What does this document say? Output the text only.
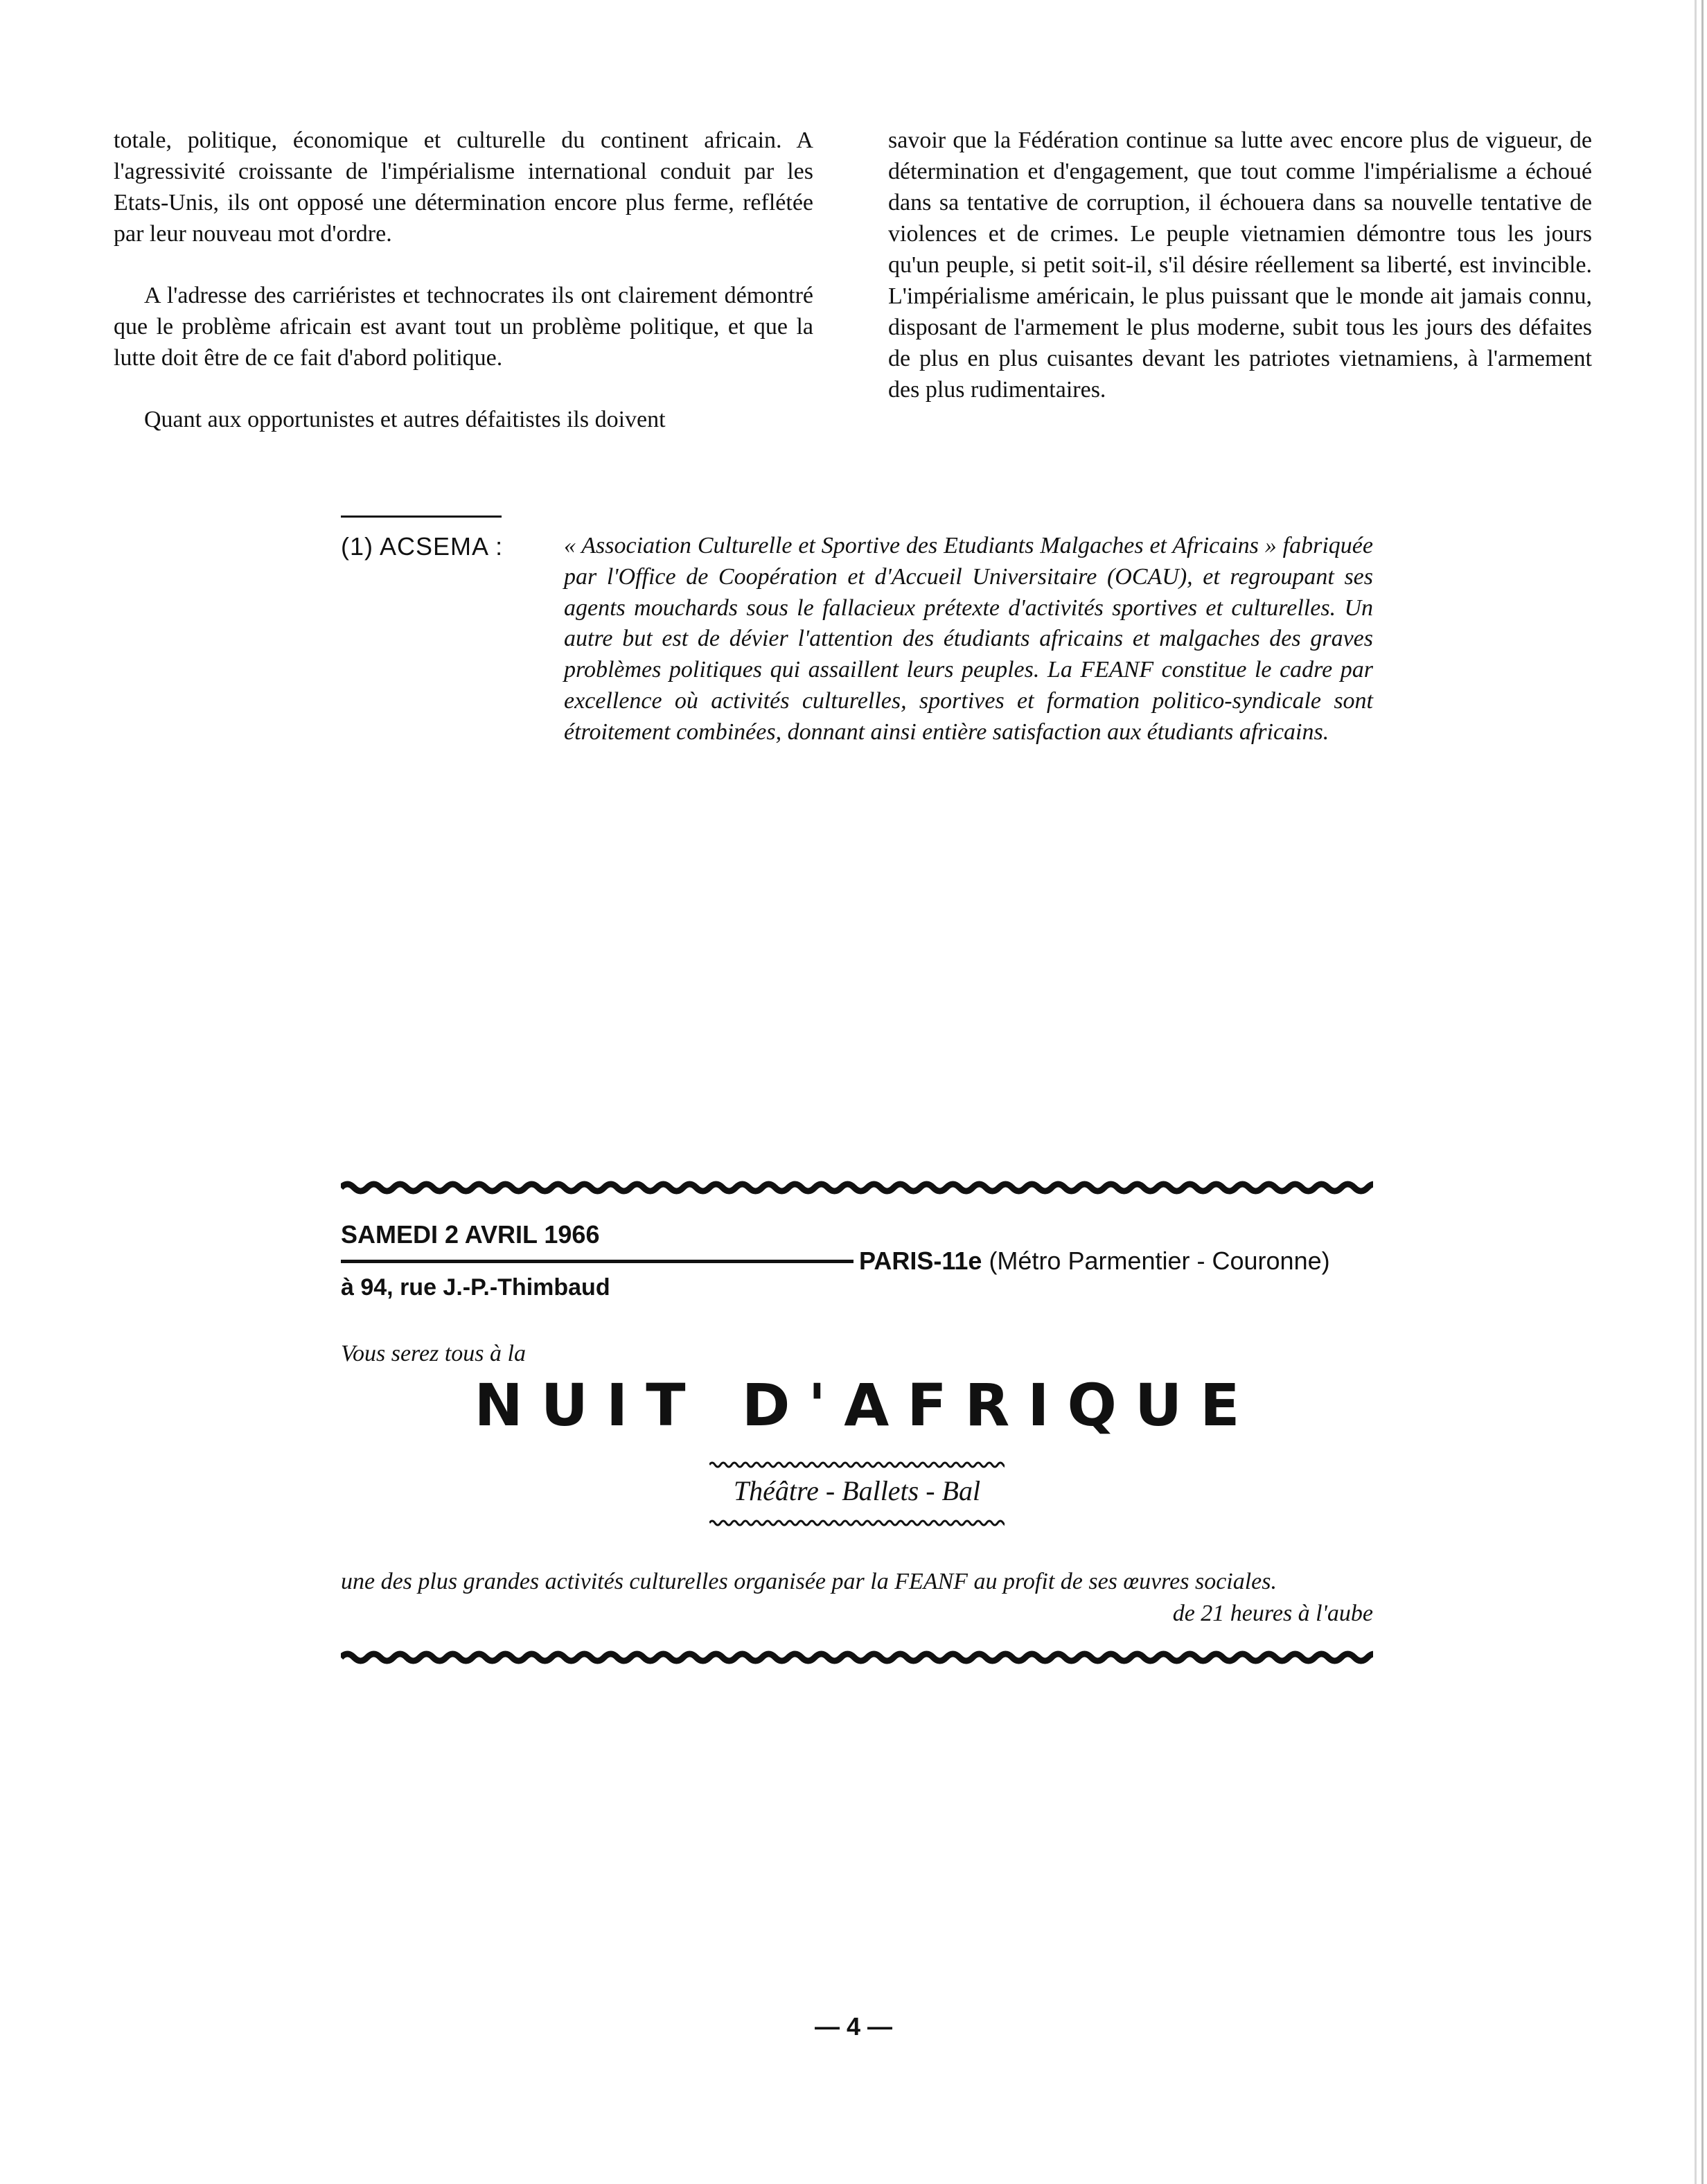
totale, politique, économique et culturelle du continent africain. A l'agressivité croissante de l'impérialisme international conduit par les Etats-Unis, ils ont opposé une détermination encore plus ferme, reflétée par leur nouveau mot d'ordre.

A l'adresse des carriéristes et technocrates ils ont clairement démontré que le problème africain est avant tout un problème politique, et que la lutte doit être de ce fait d'abord politique.

Quant aux opportunistes et autres défaitistes ils doivent

savoir que la Fédération continue sa lutte avec encore plus de vigueur, de détermination et d'engagement, que tout comme l'impérialisme a échoué dans sa tentative de corruption, il échouera dans sa nouvelle tentative de violences et de crimes. Le peuple vietnamien démontre tous les jours qu'un peuple, si petit soit-il, s'il désire réellement sa liberté, est invincible. L'impérialisme américain, le plus puissant que le monde ait jamais connu, disposant de l'armement le plus moderne, subit tous les jours des défaites de plus en plus cuisantes devant les patriotes vietnamiens, à l'armement des plus rudimentaires.

(1) ACSEMA :	« Association Culturelle et Sportive des Etudiants Malgaches et Africains » fabriquée par l'Office de Coopération et d'Accueil Universitaire (OCAU), et regroupant ses agents mouchards sous le fallacieux prétexte d'activités sportives et culturelles. Un autre but est de dévier l'attention des étudiants africains et malgaches des graves problèmes politiques qui assaillent leurs peuples. La FEANF constitue le cadre par excellence où activités culturelles, sportives et formation politico-syndicale sont étroitement combinées, donnant ainsi entière satisfaction aux étudiants africains.
SAMEDI 2 AVRIL 1966
PARIS-11e (Métro Parmentier - Couronne)
à 94, rue J.-P.-Thimbaud
Vous serez tous à la
NUIT D'AFRIQUE
Théâtre - Ballets - Bal
une des plus grandes activités culturelles organisée par la FEANF au profit de ses œuvres sociales.
de 21 heures à l'aube
— 4 —
